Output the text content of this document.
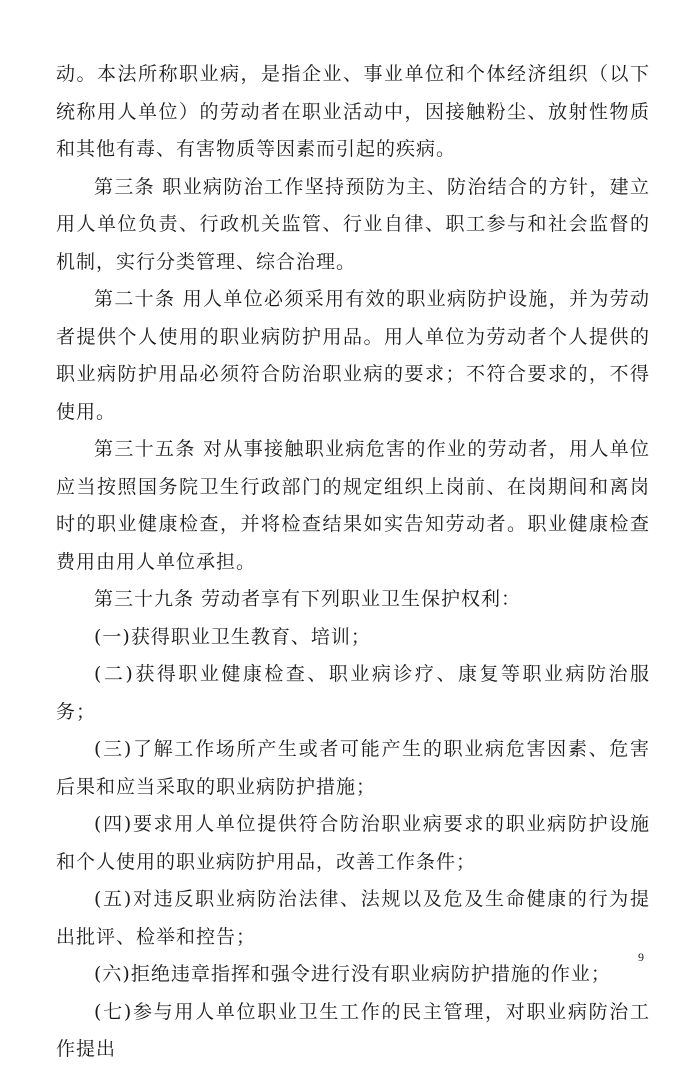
动。本法所称职业病，是指企业、事业单位和个体经济组织（以下统称用人单位）的劳动者在职业活动中，因接触粉尘、放射性物质和其他有毒、有害物质等因素而引起的疾病。

第三条 职业病防治工作坚持预防为主、防治结合的方针，建立用人单位负责、行政机关监管、行业自律、职工参与和社会监督的机制，实行分类管理、综合治理。

第二十条 用人单位必须采用有效的职业病防护设施，并为劳动者提供个人使用的职业病防护用品。用人单位为劳动者个人提供的职业病防护用品必须符合防治职业病的要求；不符合要求的，不得使用。

第三十五条 对从事接触职业病危害的作业的劳动者，用人单位应当按照国务院卫生行政部门的规定组织上岗前、在岗期间和离岗时的职业健康检查，并将检查结果如实告知劳动者。职业健康检查费用由用人单位承担。

第三十九条 劳动者享有下列职业卫生保护权利：

(一)获得职业卫生教育、培训；

(二)获得职业健康检查、职业病诊疗、康复等职业病防治服务；

(三)了解工作场所产生或者可能产生的职业病危害因素、危害后果和应当采取的职业病防护措施；

(四)要求用人单位提供符合防治职业病要求的职业病防护设施和个人使用的职业病防护用品，改善工作条件；

(五)对违反职业病防治法律、法规以及危及生命健康的行为提出批评、检举和控告；

(六)拒绝违章指挥和强令进行没有职业病防护措施的作业；

(七)参与用人单位职业卫生工作的民主管理，对职业病防治工作提出

9
